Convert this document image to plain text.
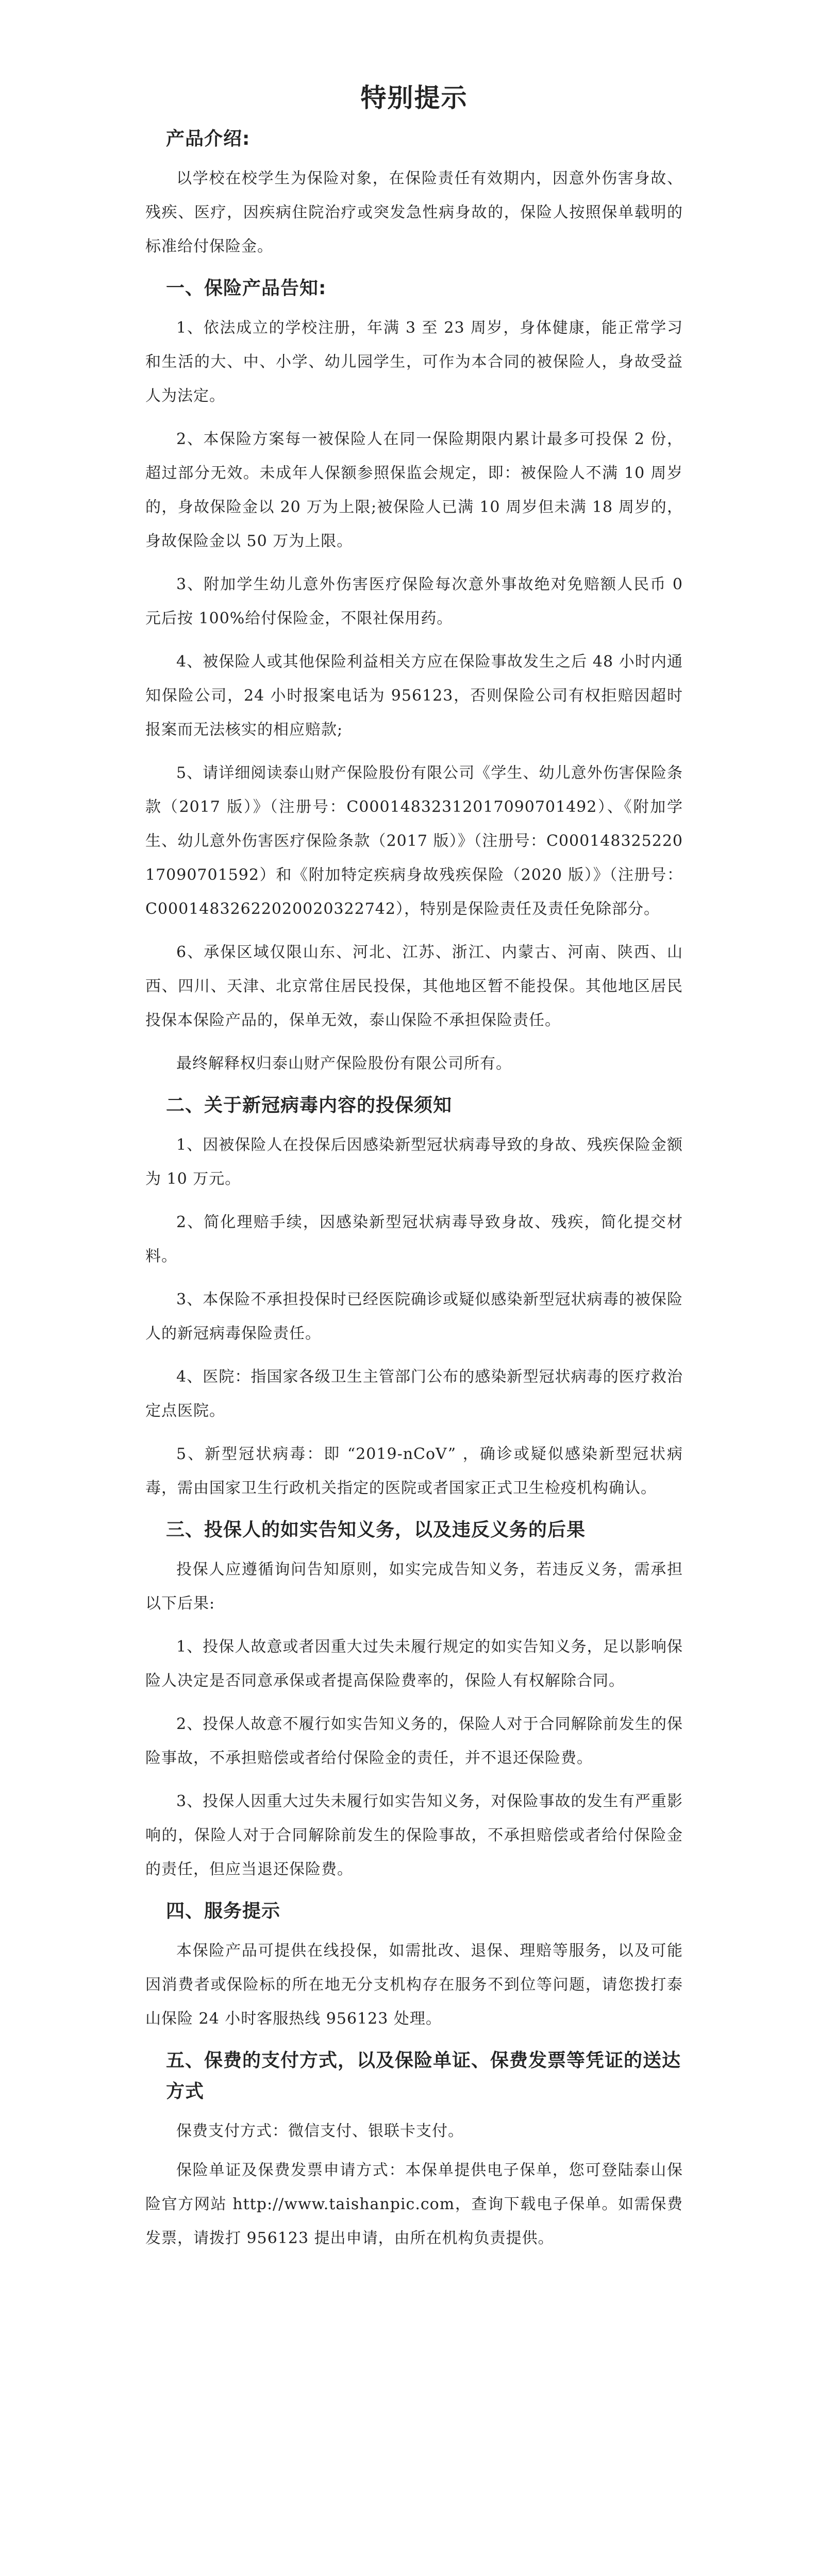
特别提示
产品介绍:

以学校在校学生为保险对象，在保险责任有效期内，因意外伤害身故、残疾、医疗，因疾病住院治疗或突发急性病身故的，保险人按照保单载明的标准给付保险金。

一、保险产品告知:

1、依法成立的学校注册，年满 3 至 23 周岁，身体健康，能正常学习和生活的大、中、小学、幼儿园学生，可作为本合同的被保险人，身故受益人为法定。

2、本保险方案每一被保险人在同一保险期限内累计最多可投保 2 份，超过部分无效。未成年人保额参照保监会规定，即：被保险人不满 10 周岁的，身故保险金以 20 万为上限;被保险人已满 10 周岁但未满 18 周岁的，身故保险金以 50 万为上限。

3、附加学生幼儿意外伤害医疗保险每次意外事故绝对免赔额人民币 0 元后按 100%给付保险金，不限社保用药。

4、被保险人或其他保险利益相关方应在保险事故发生之后 48 小时内通知保险公司，24 小时报案电话为 956123，否则保险公司有权拒赔因超时报案而无法核实的相应赔款;

5、请详细阅读泰山财产保险股份有限公司《学生、幼儿意外伤害保险条款（2017 版）》（注册号：C00014832312017090701492）、《附加学生、幼儿意外伤害医疗保险条款（2017 版）》（注册号：C00014832522017090701592）和《附加特定疾病身故残疾保险（2020 版）》（注册号：C00014832622020020322742），特别是保险责任及责任免除部分。

6、承保区域仅限山东、河北、江苏、浙江、内蒙古、河南、陕西、山西、四川、天津、北京常住居民投保，其他地区暂不能投保。其他地区居民投保本保险产品的，保单无效，泰山保险不承担保险责任。

最终解释权归泰山财产保险股份有限公司所有。

二、关于新冠病毒内容的投保须知

1、因被保险人在投保后因感染新型冠状病毒导致的身故、残疾保险金额为 10 万元。

2、简化理赔手续，因感染新型冠状病毒导致身故、残疾，简化提交材料。

3、本保险不承担投保时已经医院确诊或疑似感染新型冠状病毒的被保险人的新冠病毒保险责任。

4、医院：指国家各级卫生主管部门公布的感染新型冠状病毒的医疗救治定点医院。

5、新型冠状病毒：即 “2019-nCoV” ，确诊或疑似感染新型冠状病毒，需由国家卫生行政机关指定的医院或者国家正式卫生检疫机构确认。

三、投保人的如实告知义务，以及违反义务的后果

投保人应遵循询问告知原则，如实完成告知义务，若违反义务，需承担以下后果:

1、投保人故意或者因重大过失未履行规定的如实告知义务，足以影响保险人决定是否同意承保或者提高保险费率的，保险人有权解除合同。

2、投保人故意不履行如实告知义务的，保险人对于合同解除前发生的保险事故，不承担赔偿或者给付保险金的责任，并不退还保险费。

3、投保人因重大过失未履行如实告知义务，对保险事故的发生有严重影响的，保险人对于合同解除前发生的保险事故，不承担赔偿或者给付保险金的责任，但应当退还保险费。

四、服务提示

本保险产品可提供在线投保，如需批改、退保、理赔等服务，以及可能因消费者或保险标的所在地无分支机构存在服务不到位等问题，请您拨打泰山保险 24 小时客服热线 956123 处理。

五、保费的支付方式，以及保险单证、保费发票等凭证的送达方式

保费支付方式：微信支付、银联卡支付。

保险单证及保费发票申请方式：本保单提供电子保单，您可登陆泰山保险官方网站 http://www.taishanpic.com，查询下载电子保单。如需保费发票，请拨打 956123 提出申请，由所在机构负责提供。
